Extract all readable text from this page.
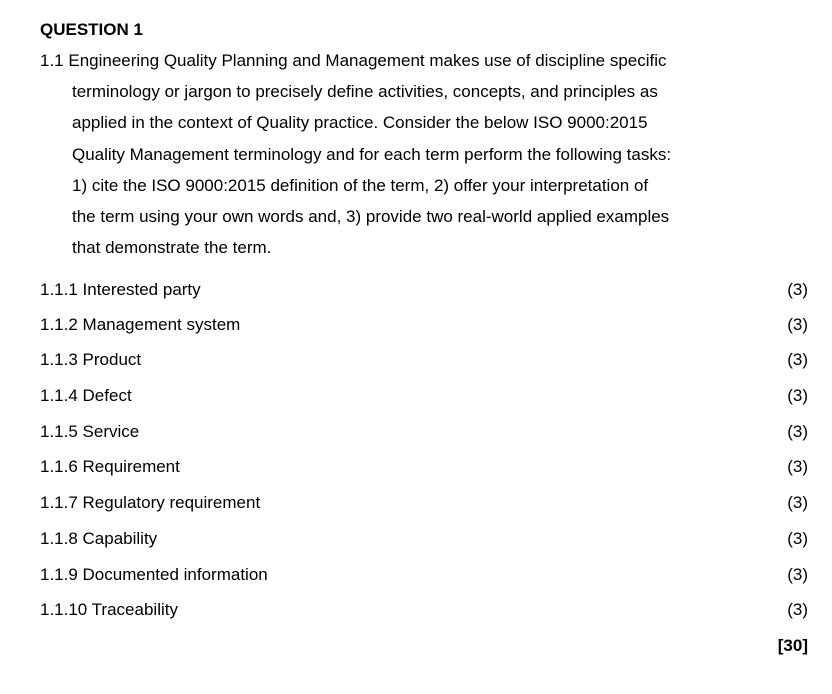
QUESTION 1
1.1 Engineering Quality Planning and Management makes use of discipline specific
terminology or jargon to precisely define activities, concepts, and principles as
applied in the context of Quality practice. Consider the below ISO 9000:2015
Quality Management terminology and for each term perform the following tasks:
1) cite the ISO 9000:2015 definition of the term, 2) offer your interpretation of
the term using your own words and, 3) provide two real-world applied examples
that demonstrate the term.
1.1.1 Interested party	(3)
1.1.2 Management system	(3)
1.1.3 Product	(3)
1.1.4 Defect	(3)
1.1.5 Service	(3)
1.1.6 Requirement	(3)
1.1.7 Regulatory requirement	(3)
1.1.8 Capability	(3)
1.1.9 Documented information	(3)
1.1.10 Traceability	(3)
[30]
